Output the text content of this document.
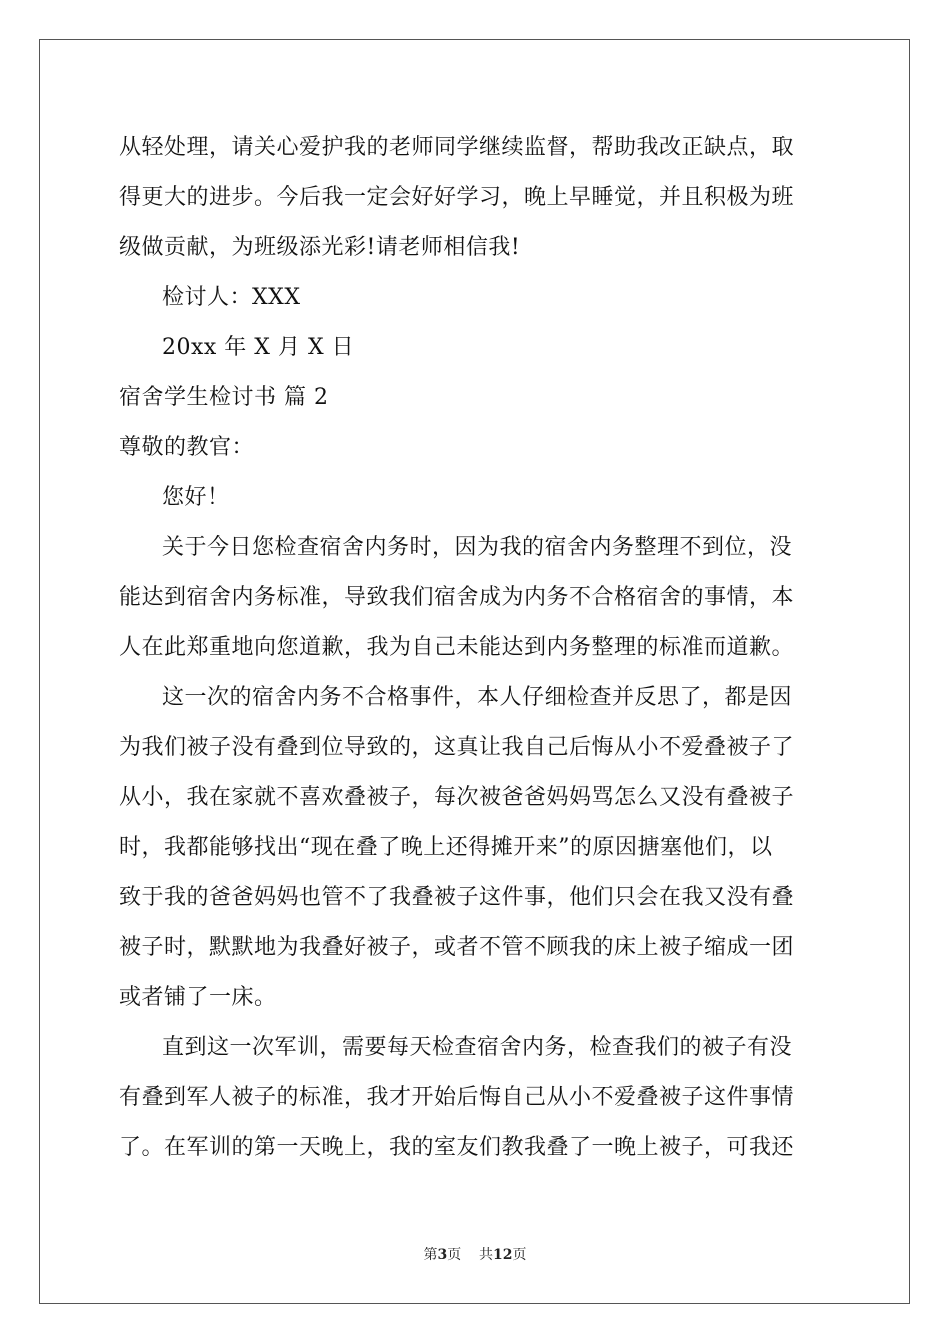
从轻处理，请关心爱护我的老师同学继续监督，帮助我改正缺点，取
得更大的进步。今后我一定会好好学习，晚上早睡觉，并且积极为班
级做贡献，为班级添光彩!请老师相信我!
检讨人：XXX
20xx 年 X 月 X 日
宿舍学生检讨书 篇 2
尊敬的教官：
您好！
关于今日您检查宿舍内务时，因为我的宿舍内务整理不到位，没
能达到宿舍内务标准，导致我们宿舍成为内务不合格宿舍的事情，本
人在此郑重地向您道歉，我为自己未能达到内务整理的标准而道歉。
这一次的宿舍内务不合格事件，本人仔细检查并反思了，都是因
为我们被子没有叠到位导致的，这真让我自己后悔从小不爱叠被子了
从小，我在家就不喜欢叠被子，每次被爸爸妈妈骂怎么又没有叠被子
时，我都能够找出“现在叠了晚上还得摊开来”的原因搪塞他们，以
致于我的爸爸妈妈也管不了我叠被子这件事，他们只会在我又没有叠
被子时，默默地为我叠好被子，或者不管不顾我的床上被子缩成一团
或者铺了一床。
直到这一次军训，需要每天检查宿舍内务，检查我们的被子有没
有叠到军人被子的标准，我才开始后悔自己从小不爱叠被子这件事情
了。在军训的第一天晚上，我的室友们教我叠了一晚上被子，可我还
第3页 共12页
